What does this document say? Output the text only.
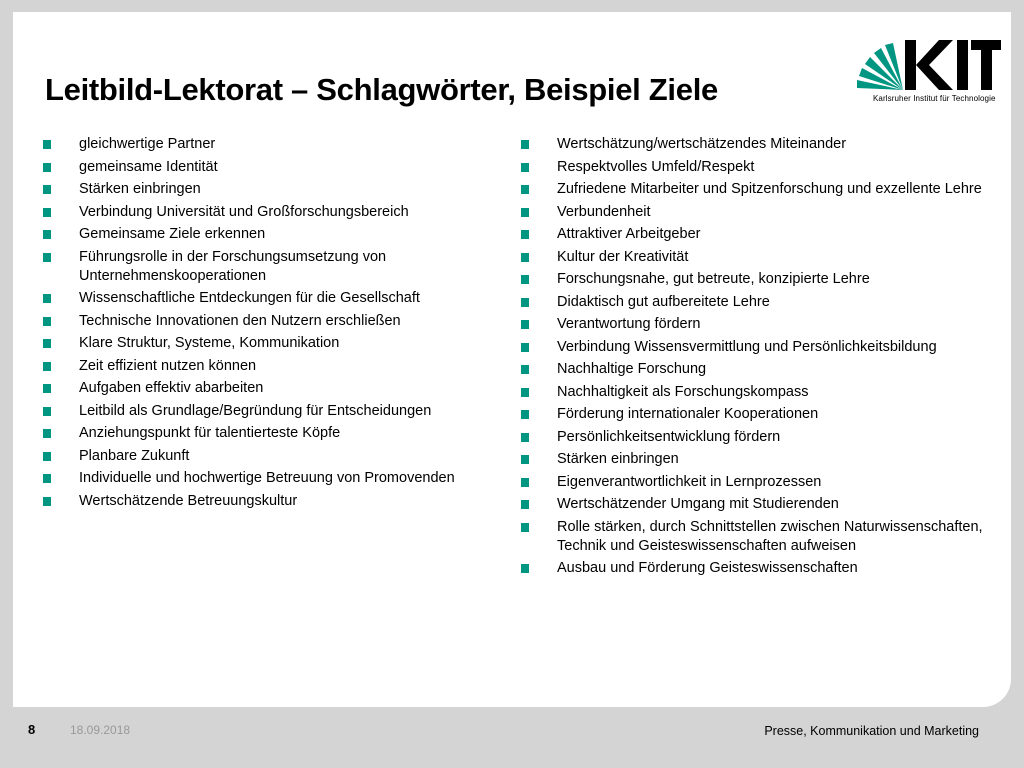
Leitbild-Lektorat – Schlagwörter, Beispiel Ziele	Karlsruher Institut für Technologie
gleichwertige Partner
gemeinsame Identität
Stärken einbringen
Verbindung Universität und Großforschungsbereich
Gemeinsame Ziele erkennen
Führungsrolle in der Forschungsumsetzung von Unternehmenskooperationen
Wissenschaftliche Entdeckungen für die Gesellschaft
Technische Innovationen den Nutzern erschließen
Klare Struktur, Systeme, Kommunikation
Zeit effizient nutzen können
Aufgaben effektiv abarbeiten
Leitbild als Grundlage/Begründung für Entscheidungen
Anziehungspunkt für talentierteste Köpfe
Planbare Zukunft
Individuelle und hochwertige Betreuung von Promovenden
Wertschätzende Betreuungskultur
Wertschätzung/wertschätzendes Miteinander
Respektvolles Umfeld/Respekt
Zufriedene Mitarbeiter und Spitzenforschung und exzellente Lehre
Verbundenheit
Attraktiver Arbeitgeber
Kultur der Kreativität
Forschungsnahe, gut betreute, konzipierte Lehre
Didaktisch gut aufbereitete Lehre
Verantwortung fördern
Verbindung Wissensvermittlung und Persönlichkeitsbildung
Nachhaltige Forschung
Nachhaltigkeit als Forschungskompass
Förderung internationaler Kooperationen
Persönlichkeitsentwicklung fördern
Stärken einbringen
Eigenverantwortlichkeit in Lernprozessen
Wertschätzender Umgang mit Studierenden
Rolle stärken, durch Schnittstellen zwischen Naturwissenschaften, Technik und Geisteswissenschaften aufweisen
Ausbau und Förderung Geisteswissenschaften
8	18.09.2018	Presse, Kommunikation und Marketing
